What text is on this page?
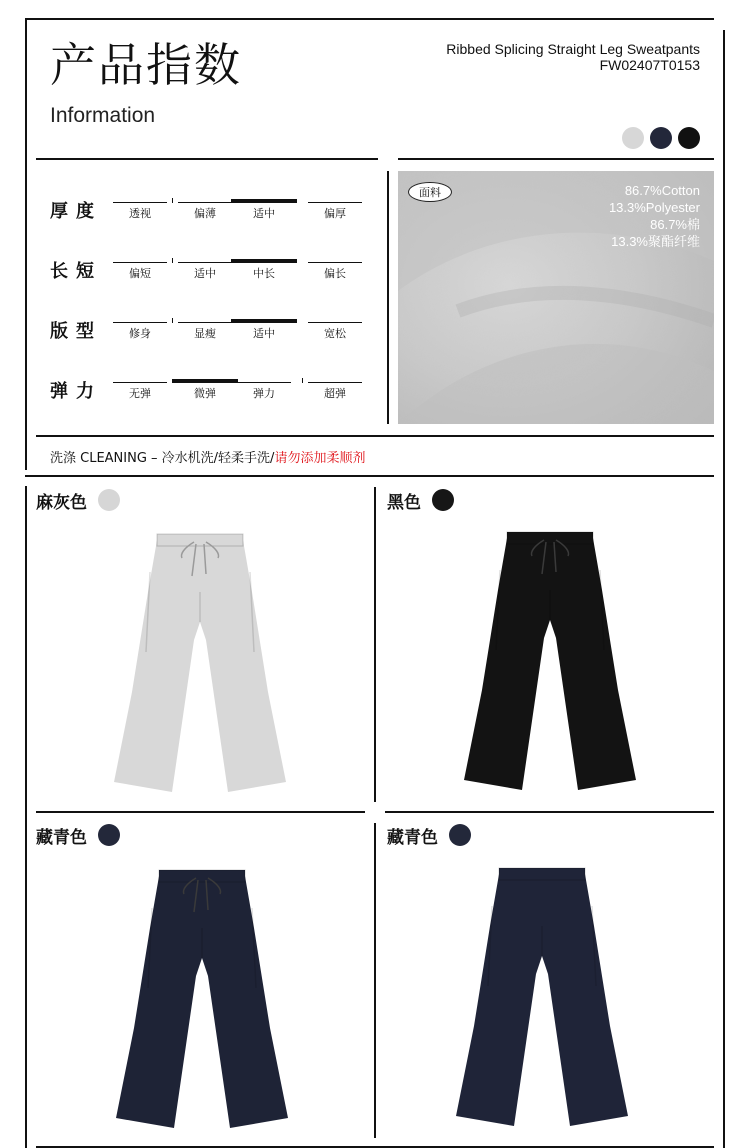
产品指数
Information
Ribbed Splicing Straight Leg Sweatpants
FW02407T0153
厚度	透视	偏薄	适中	偏厚
长短	偏短	适中	中长	偏长
版型	修身	显瘦	适中	宽松
弹力	无弹	微弹	弹力	超弹
面料	86.7%Cotton
13.3%Polyester
86.7%棉
13.3%聚酯纤维
洗涤 CLEANING – 冷水机洗/轻柔手洗/请勿添加柔顺剂
麻灰色	黑色
藏青色	藏青色
